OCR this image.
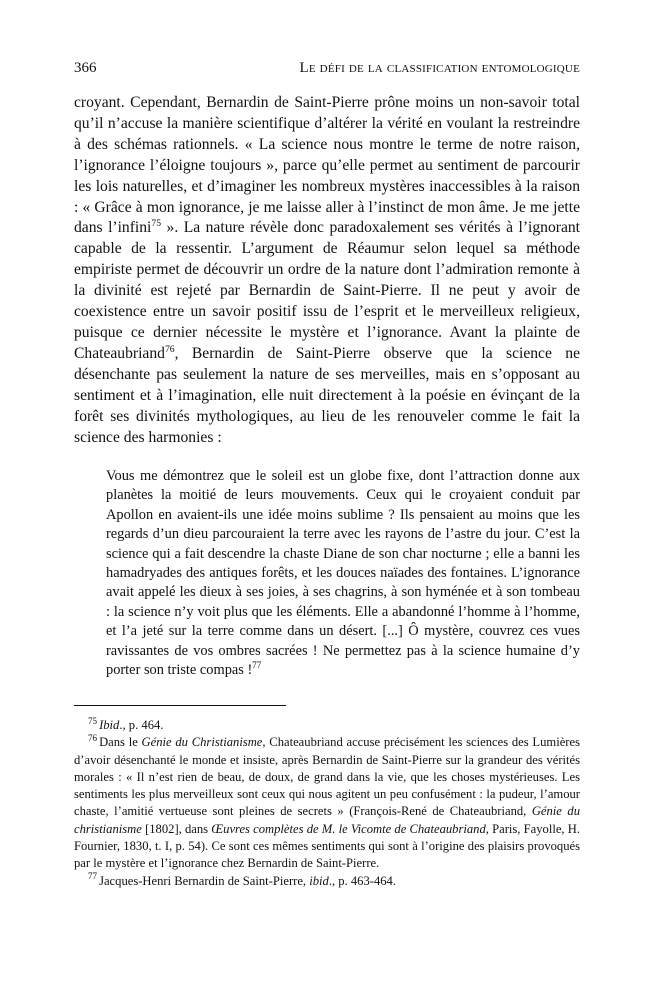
366	Le défi de la classification entomologique

croyant. Cependant, Bernardin de Saint-Pierre prône moins un non-savoir total qu’il n’accuse la manière scientifique d’altérer la vérité en voulant la restreindre à des schémas rationnels. « La science nous montre le terme de notre raison, l’ignorance l’éloigne toujours », parce qu’elle permet au sentiment de parcourir les lois naturelles, et d’imaginer les nombreux mystères inaccessibles à la raison : « Grâce à mon ignorance, je me laisse aller à l’instinct de mon âme. Je me jette dans l’infini$^{75}$ ». La nature révèle donc paradoxalement ses vérités à l’ignorant capable de la ressentir. L’argument de Réaumur selon lequel sa méthode empiriste permet de découvrir un ordre de la nature dont l’admiration remonte à la divinité est rejeté par Bernardin de Saint-Pierre. Il ne peut y avoir de coexistence entre un savoir positif issu de l’esprit et le merveilleux religieux, puisque ce dernier nécessite le mystère et l’ignorance. Avant la plainte de Chateaubriand$^{76}$, Bernardin de Saint-Pierre observe que la science ne désenchante pas seulement la nature de ses merveilles, mais en s’opposant au sentiment et à l’imagination, elle nuit directement à la poésie en évinçant de la forêt ses divinités mythologiques, au lieu de les renouveler comme le fait la science des harmonies :

Vous me démontrez que le soleil est un globe fixe, dont l’attraction donne aux planètes la moitié de leurs mouvements. Ceux qui le croyaient conduit par Apollon en avaient-ils une idée moins sublime ? Ils pensaient au moins que les regards d’un dieu parcouraient la terre avec les rayons de l’astre du jour. C’est la science qui a fait descendre la chaste Diane de son char nocturne ; elle a banni les hamadryades des antiques forêts, et les douces naïades des fontaines. L’ignorance avait appelé les dieux à ses joies, à ses chagrins, à son hyménée et à son tombeau : la science n’y voit plus que les éléments. Elle a abandonné l’homme à l’homme, et l’a jeté sur la terre comme dans un désert. [...] Ô mystère, couvrez ces vues ravissantes de vos ombres sacrées ! Ne permettez pas à la science humaine d’y porter son triste compas !$^{77}$

$^{75}$ Ibid., p. 464.

$^{76}$ Dans le Génie du Christianisme, Chateaubriand accuse précisément les sciences des Lumières d’avoir désenchanté le monde et insiste, après Bernardin de Saint-Pierre sur la grandeur des vérités morales : « Il n’est rien de beau, de doux, de grand dans la vie, que les choses mystérieuses. Les sentiments les plus merveilleux sont ceux qui nous agitent un peu confusément : la pudeur, l’amour chaste, l’amitié vertueuse sont pleines de secrets » (François-René de Chateaubriand, Génie du christianisme [1802], dans Œuvres complètes de M. le Vicomte de Chateaubriand, Paris, Fayolle, H. Fournier, 1830, t. I, p. 54). Ce sont ces mêmes sentiments qui sont à l’origine des plaisirs provoqués par le mystère et l’ignorance chez Bernardin de Saint-Pierre.

$^{77}$ Jacques-Henri Bernardin de Saint-Pierre, ibid., p. 463-464.
